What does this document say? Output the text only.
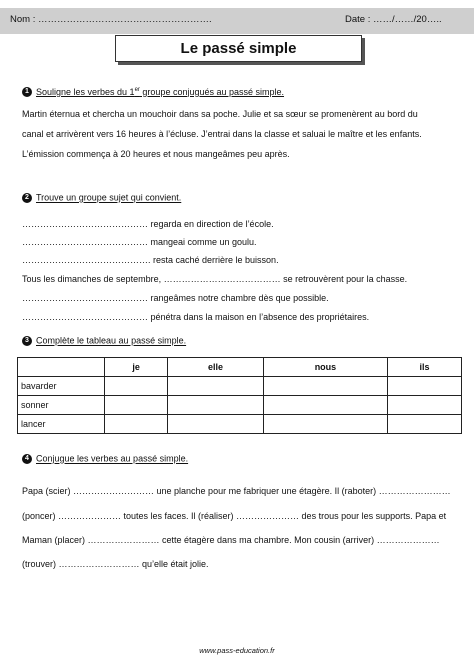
Nom : ……………………………………………….	Date : ……/……/20…..
Le passé simple
1 Souligne les verbes du 1er groupe conjugués au passé simple.
Martin éternua et chercha un mouchoir dans sa poche. Julie et sa sœur se promenèrent au bord du
canal et arrivèrent vers 16 heures à l’écluse. J’entrai dans la classe et saluai le maître et les enfants.
L’émission commença à 20 heures et nous mangeâmes peu après.
2 Trouve un groupe sujet qui convient.
…………………………………… regarda en direction de l’école.
…………………………………… mangeai comme un goulu.
……………………………………. resta caché derrière le buisson.
Tous les dimanches de septembre, ………………………………… se retrouvèrent pour la chasse.
…………………………………… rangeâmes notre chambre dès que possible.
…………………………………… pénétra dans la maison en l’absence des propriétaires.
3 Complète le tableau au passé simple.
	je	elle	nous	ils
bavarder				
sonner				
lancer				
4 Conjugue les verbes au passé simple.
Papa (scier) ……………………… une planche pour me fabriquer une étagère. Il (raboter) ……………………
(poncer) ………………… toutes les faces. Il (réaliser) ………………… des trous pour les supports. Papa et
Maman (placer) …………………… cette étagère dans ma chambre. Mon cousin (arriver) …………………
(trouver) ……………………… qu’elle était jolie.
www.pass-education.fr
